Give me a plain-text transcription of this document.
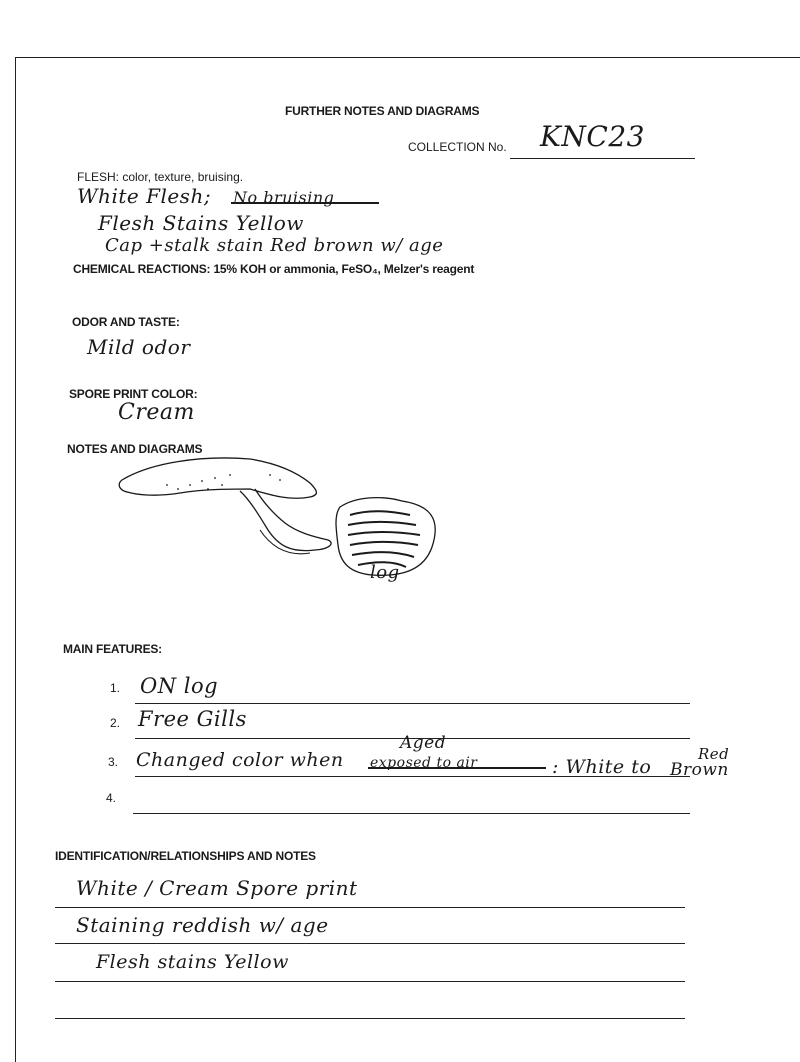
FURTHER NOTES AND DIAGRAMS
COLLECTION No. KNC23
FLESH: color, texture, bruising.
White Flesh; No bruising
Flesh Stains Yellow
Cap +stalk stain Red brown w/ age
CHEMICAL REACTIONS: 15% KOH or ammonia, FeSO₄, Melzer's reagent
ODOR AND TASTE:
Mild odor
SPORE PRINT COLOR:
Cream
NOTES AND DIAGRAMS
log
MAIN FEATURES:
1. ON log
2. Free Gills
3. Changed color when exposed to air
Aged
: White to
Red
Brown
4.
IDENTIFICATION/RELATIONSHIPS AND NOTES
White / Cream Spore print
Staining reddish w/ age
Flesh stains Yellow
